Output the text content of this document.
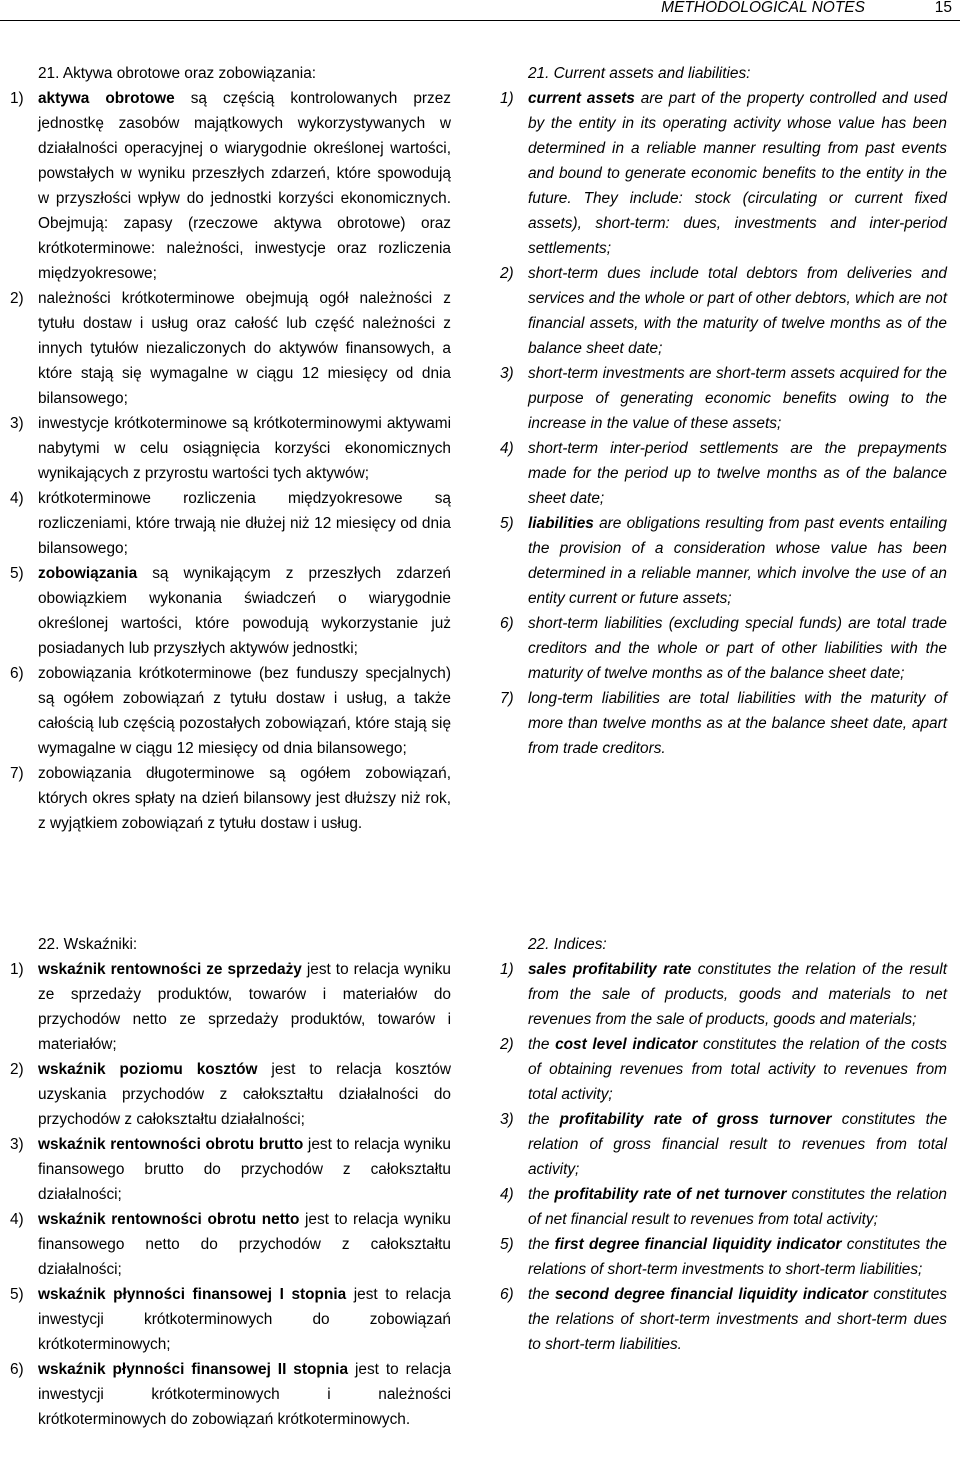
METHODOLOGICAL NOTES	15
21. Aktywa obrotowe oraz zobowiązania:
1) aktywa obrotowe są częścią kontrolowanych przez jednostkę zasobów majątkowych wykorzystywanych w działalności operacyjnej o wiarygodnie określonej wartości, powstałych w wyniku przeszłych zdarzeń, które spowodują w przyszłości wpływ do jednostki korzyści ekonomicznych. Obejmują: zapasy (rzeczowe aktywa obrotowe) oraz krótkoterminowe: należności, inwestycje oraz rozliczenia międzyokresowe;
2) należności krótkoterminowe obejmują ogół należności z tytułu dostaw i usług oraz całość lub część należności z innych tytułów niezaliczonych do aktywów finansowych, a które stają się wymagalne w ciągu 12 miesięcy od dnia bilansowego;
3) inwestycje krótkoterminowe są krótkoterminowymi aktywami nabytymi w celu osiągnięcia korzyści ekonomicznych wynikających z przyrostu wartości tych aktywów;
4) krótkoterminowe rozliczenia międzyokresowe są rozliczeniami, które trwają nie dłużej niż 12 miesięcy od dnia bilansowego;
5) zobowiązania są wynikającym z przeszłych zdarzeń obowiązkiem wykonania świadczeń o wiarygodnie określonej wartości, które powodują wykorzystanie już posiadanych lub przyszłych aktywów jednostki;
6) zobowiązania krótkoterminowe (bez funduszy specjalnych) są ogółem zobowiązań z tytułu dostaw i usług, a także całością lub częścią pozostałych zobowiązań, które stają się wymagalne w ciągu 12 miesięcy od dnia bilansowego;
7) zobowiązania długoterminowe są ogółem zobowiązań, których okres spłaty na dzień bilansowy jest dłuższy niż rok, z wyjątkiem zobowiązań z tytułu dostaw i usług.
21. Current assets and liabilities:
1) current assets are part of the property controlled and used by the entity in its operating activity whose value has been determined in a reliable manner resulting from past events and bound to generate economic benefits to the entity in the future. They include: stock (circulating or current fixed assets), short-term: dues, investments and inter-period settlements;
2) short-term dues include total debtors from deliveries and services and the whole or part of other debtors, which are not financial assets, with the maturity of twelve months as of the balance sheet date;
3) short-term investments are short-term assets acquired for the purpose of generating economic benefits owing to the increase in the value of these assets;
4) short-term inter-period settlements are the prepayments made for the period up to twelve months as of the balance sheet date;
5) liabilities are obligations resulting from past events entailing the provision of a consideration whose value has been determined in a reliable manner, which involve the use of an entity current or future assets;
6) short-term liabilities (excluding special funds) are total trade creditors and the whole or part of other liabilities with the maturity of twelve months as of the balance sheet date;
7) long-term liabilities are total liabilities with the maturity of more than twelve months as at the balance sheet date, apart from trade creditors.
22. Wskaźniki:
1) wskaźnik rentowności ze sprzedaży jest to relacja wyniku ze sprzedaży produktów, towarów i materiałów do przychodów netto ze sprzedaży produktów, towarów i materiałów;
2) wskaźnik poziomu kosztów jest to relacja kosztów uzyskania przychodów z całokształtu działalności do przychodów z całokształtu działalności;
3) wskaźnik rentowności obrotu brutto jest to relacja wyniku finansowego brutto do przychodów z całokształtu działalności;
4) wskaźnik rentowności obrotu netto jest to relacja wyniku finansowego netto do przychodów z całokształtu działalności;
5) wskaźnik płynności finansowej I stopnia jest to relacja inwestycji krótkoterminowych do zobowiązań krótkoterminowych;
6) wskaźnik płynności finansowej II stopnia jest to relacja inwestycji krótkoterminowych i należności krótkoterminowych do zobowiązań krótkoterminowych.
22. Indices:
1) sales profitability rate constitutes the relation of the result from the sale of products, goods and materials to net revenues from the sale of products, goods and materials;
2) the cost level indicator constitutes the relation of the costs of obtaining revenues from total activity to revenues from total activity;
3) the profitability rate of gross turnover constitutes the relation of gross financial result to revenues from total activity;
4) the profitability rate of net turnover constitutes the relation of net financial result to revenues from total activity;
5) the first degree financial liquidity indicator constitutes the relations of short-term investments to short-term liabilities;
6) the second degree financial liquidity indicator constitutes the relations of short-term investments and short-term dues to short-term liabilities.
